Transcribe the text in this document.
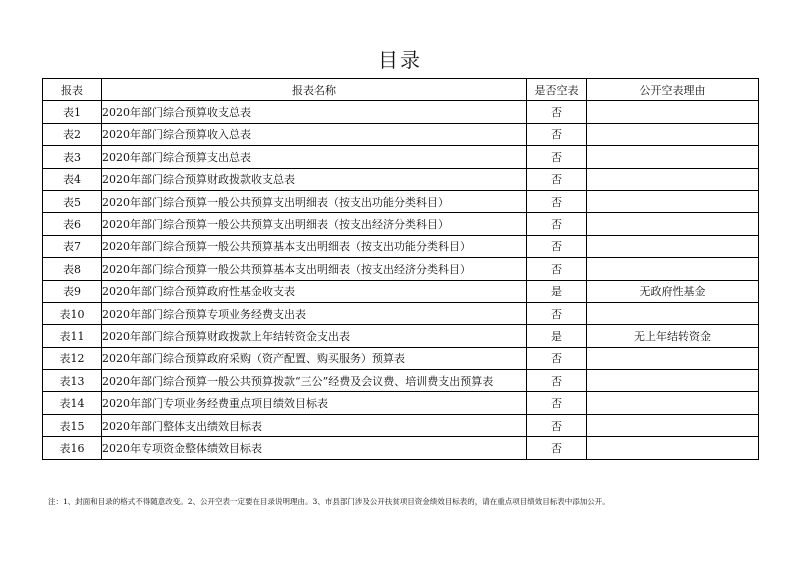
目录
报表	报表名称	是否空表	公开空表理由
表1	2020年部门综合预算收支总表	否	
表2	2020年部门综合预算收入总表	否	
表3	2020年部门综合预算支出总表	否	
表4	2020年部门综合预算财政拨款收支总表	否	
表5	2020年部门综合预算一般公共预算支出明细表（按支出功能分类科目）	否	
表6	2020年部门综合预算一般公共预算支出明细表（按支出经济分类科目）	否	
表7	2020年部门综合预算一般公共预算基本支出明细表（按支出功能分类科目）	否	
表8	2020年部门综合预算一般公共预算基本支出明细表（按支出经济分类科目）	否	
表9	2020年部门综合预算政府性基金收支表	是	无政府性基金
表10	2020年部门综合预算专项业务经费支出表	否	
表11	2020年部门综合预算财政拨款上年结转资金支出表	是	无上年结转资金
表12	2020年部门综合预算政府采购（资产配置、购买服务）预算表	否	
表13	2020年部门综合预算一般公共预算拨款“三公”经费及会议费、培训费支出预算表	否	
表14	2020年部门专项业务经费重点项目绩效目标表	否	
表15	2020年部门整体支出绩效目标表	否	
表16	2020年专项资金整体绩效目标表	否	
注：1、封面和目录的格式不得随意改变。2、公开空表一定要在目录说明理由。3、市县部门涉及公开扶贫项目资金绩效目标表的，请在重点项目绩效目标表中添加公开。
